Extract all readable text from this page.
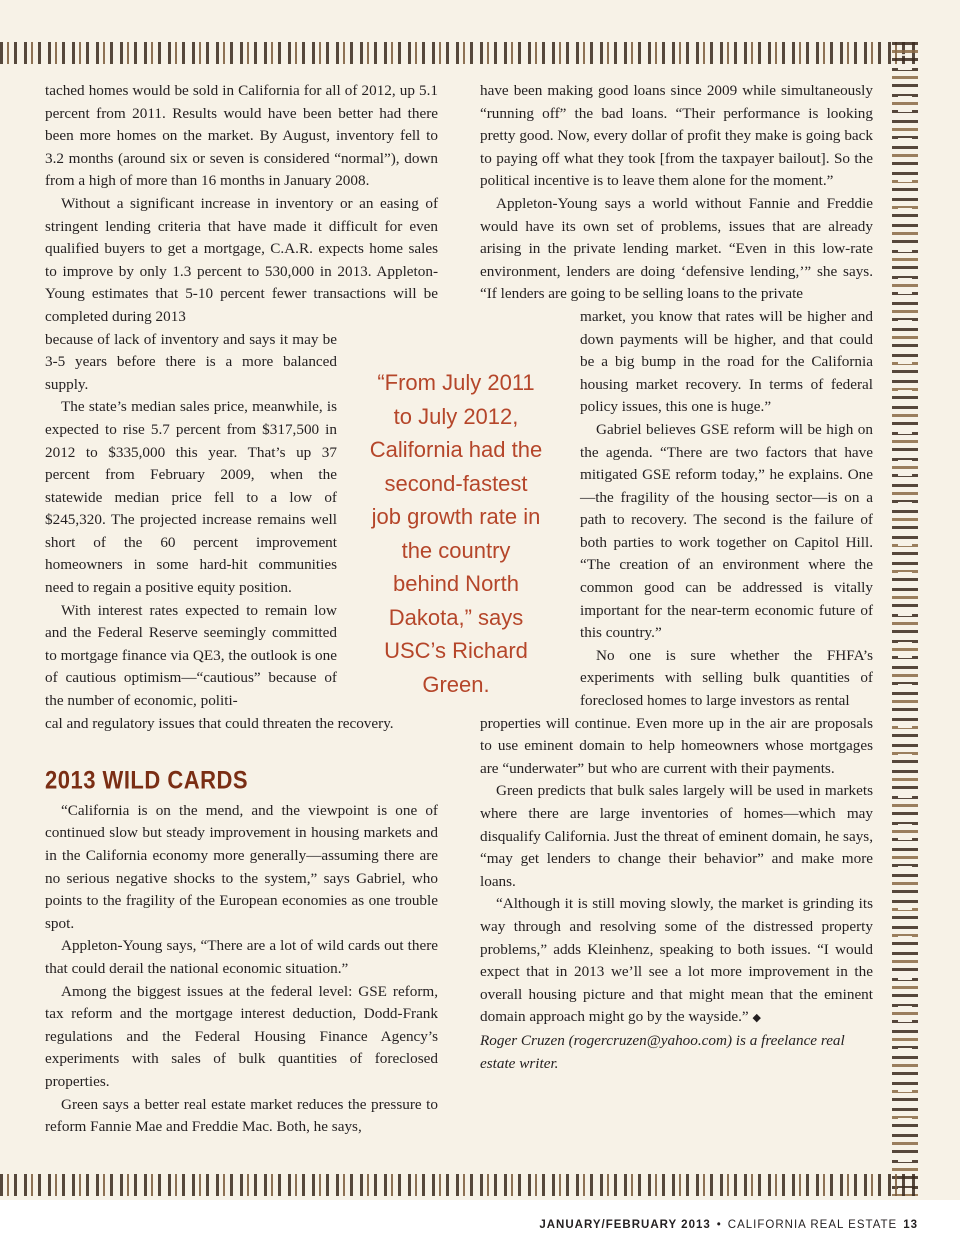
tached homes would be sold in California for all of 2012, up 5.1 percent from 2011. Results would have been better had there been more homes on the market. By August, inventory fell to 3.2 months (around six or seven is considered “normal”), down from a high of more than 16 months in January 2008.

Without a significant increase in inventory or an easing of stringent lending criteria that have made it difficult for even qualified buyers to get a mortgage, C.A.R. expects home sales to improve by only 1.3 percent to 530,000 in 2013. Appleton-Young estimates that 5-10 percent fewer transactions will be completed during 2013

because of lack of inventory and says it may be 3-5 years before there is a more balanced supply.

The state’s median sales price, meanwhile, is expected to rise 5.7 percent from $317,500 in 2012 to $335,000 this year. That’s up 37 percent from February 2009, when the statewide median price fell to a low of $245,320. The projected increase remains well short of the 60 percent improvement homeowners in some hard-hit communities need to regain a positive equity position.

With interest rates expected to remain low and the Federal Reserve seemingly committed to mortgage finance via QE3, the outlook is one of cautious optimism—“cautious” because of the number of economic, politi-

cal and regulatory issues that could threaten the recovery.

2013 WILD CARDS

“California is on the mend, and the viewpoint is one of continued slow but steady improvement in housing markets and in the California economy more generally—assuming there are no serious negative shocks to the system,” says Gabriel, who points to the fragility of the European economies as one trouble spot.

Appleton-Young says, “There are a lot of wild cards out there that could derail the national economic situation.”

Among the biggest issues at the federal level: GSE reform, tax reform and the mortgage interest deduction, Dodd-Frank regulations and the Federal Housing Finance Agency’s experiments with sales of bulk quantities of foreclosed properties.

Green says a better real estate market reduces the pressure to reform Fannie Mae and Freddie Mac. Both, he says,

“From July 2011 to July 2012, California had the second-fastest job growth rate in the country behind North Dakota,” says USC’s Richard Green.

have been making good loans since 2009 while simultaneously “running off” the bad loans. “Their performance is looking pretty good. Now, every dollar of profit they make is going back to paying off what they took [from the taxpayer bailout]. So the political incentive is to leave them alone for the moment.”

Appleton-Young says a world without Fannie and Freddie would have its own set of problems, issues that are already arising in the private lending market. “Even in this low-rate environment, lenders are doing ‘defensive lending,’” she says. “If lenders are going to be selling loans to the private

market, you know that rates will be higher and down payments will be higher, and that could be a big bump in the road for the California housing market recovery. In terms of federal policy issues, this one is huge.”

Gabriel believes GSE reform will be high on the agenda. “There are two factors that have mitigated GSE reform today,” he explains. One—the fragility of the housing sector—is on a path to recovery. The second is the failure of both parties to work together on Capitol Hill. “The creation of an environment where the common good can be addressed is vitally important for the near-term economic future of this country.”

No one is sure whether the FHFA’s experiments with selling bulk quantities of foreclosed homes to large investors as rental

properties will continue. Even more up in the air are proposals to use eminent domain to help homeowners whose mortgages are “underwater” but who are current with their payments.

Green predicts that bulk sales largely will be used in markets where there are large inventories of homes—which may disqualify California. Just the threat of eminent domain, he says, “may get lenders to change their behavior” and make more loans.

“Although it is still moving slowly, the market is grinding its way through and resolving some of the distressed property problems,” adds Kleinhenz, speaking to both issues. “I would expect that in 2013 we’ll see a lot more improvement in the overall housing picture and that might mean that the eminent domain approach might go by the wayside.” ◆

Roger Cruzen (rogercruzen@yahoo.com) is a freelance real estate writer.

JANUARY/FEBRUARY 2013 • CALIFORNIA REAL ESTATE 13
